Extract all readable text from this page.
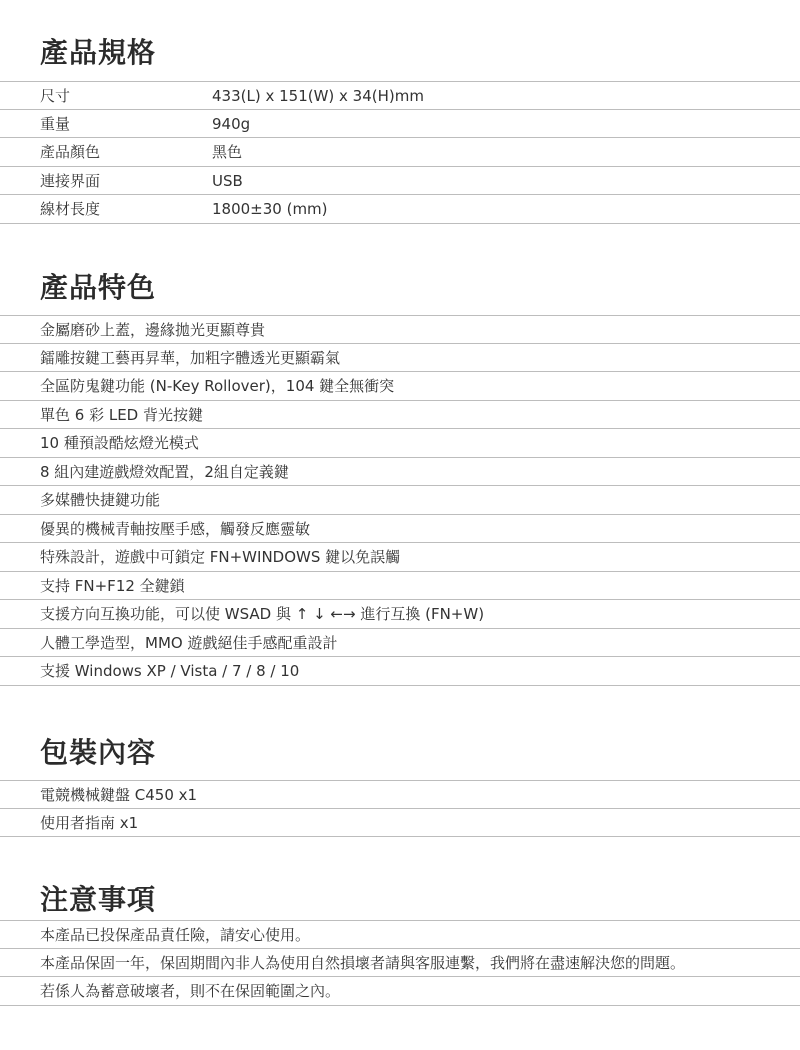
產品規格
尺寸	433(L) x 151(W) x 34(H)mm
重量	940g
產品顏色	黑色
連接界面	USB
線材長度	1800±30 (mm)
產品特色
金屬磨砂上蓋，邊緣拋光更顯尊貴
鐳雕按鍵工藝再昇華，加粗字體透光更顯霸氣
全區防鬼鍵功能 (N-Key Rollover)，104 鍵全無衝突
單色 6 彩 LED 背光按鍵
10 種預設酷炫燈光模式
8 組內建遊戲燈效配置，2組自定義鍵
多媒體快捷鍵功能
優異的機械青軸按壓手感，觸發反應靈敏
特殊設計，遊戲中可鎖定 FN+WINDOWS 鍵以免誤觸
支持 FN+F12 全鍵鎖
支援方向互換功能，可以使 WSAD 與 ↑ ↓ ←→ 進行互換 (FN+W)
人體工學造型，MMO 遊戲絕佳手感配重設計
支援 Windows XP / Vista / 7 / 8 / 10
包裝內容
電競機械鍵盤 C450 x1
使用者指南 x1
注意事項
本產品已投保產品責任險，請安心使用。
本產品保固一年，保固期間內非人為使用自然損壞者請與客服連繫，我們將在盡速解決您的問題。
若係人為蓄意破壞者，則不在保固範圍之內。
